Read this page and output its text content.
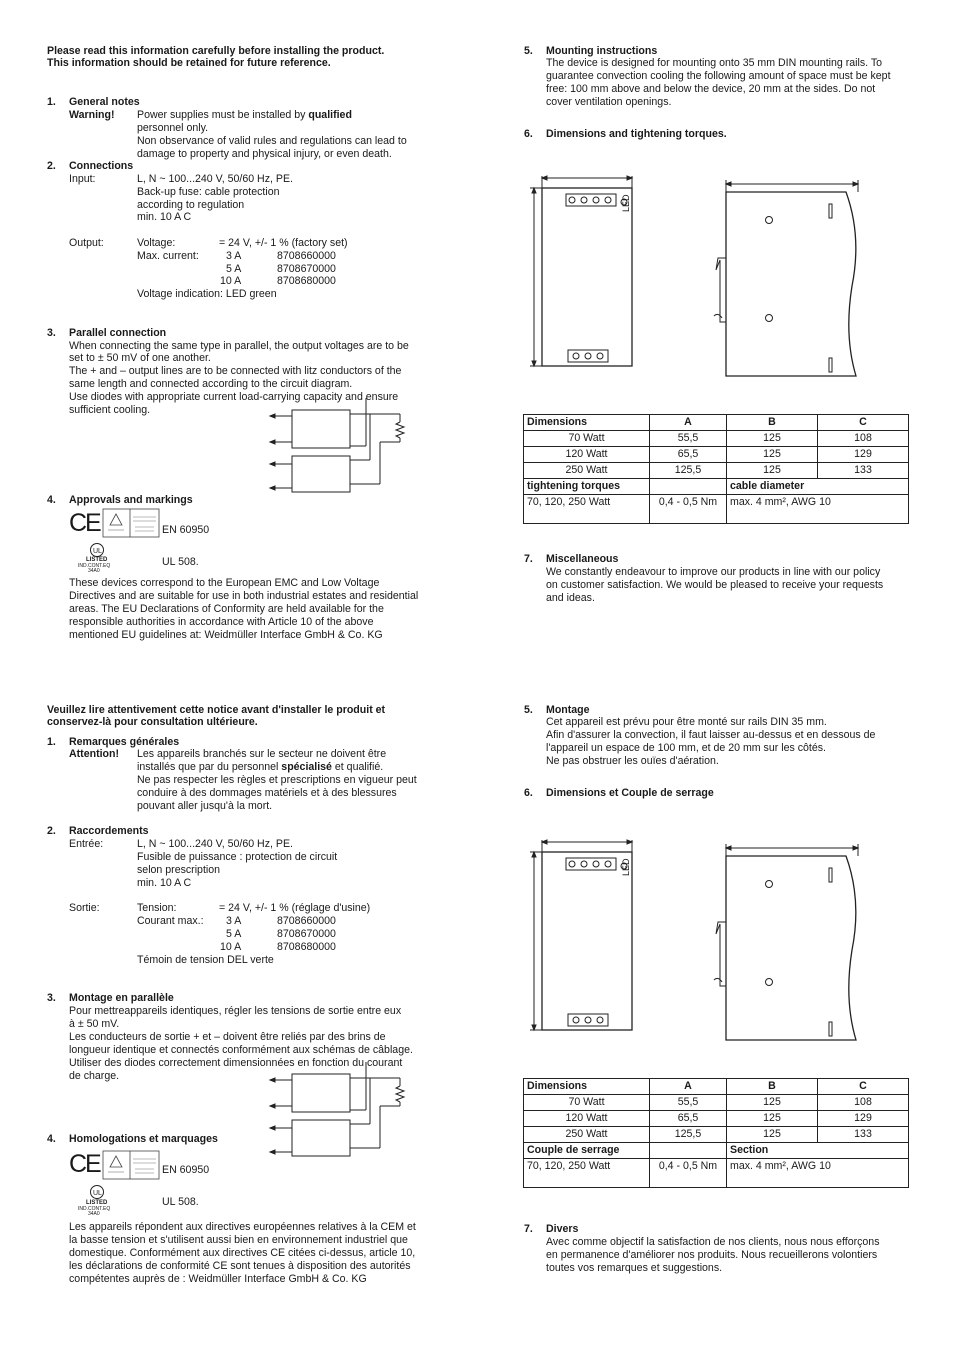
Please read this information carefully before installing the product.
This information should be retained for future reference.
1. General notes
Warning! Power supplies must be installed by qualified
personnel only.
Non observance of valid rules and regulations can lead to
damage to property and physical injury, or even death.
2. Connections
Input:	L, N ~ 100...240 V, 50/60 Hz, PE.
Back-up fuse: cable protection
according to regulation
min. 10 A C
Output:	Voltage:	= 24 V, +/- 1 % (factory set)
Max. current:	3 A	8708660000
5 A	8708670000
10 A	8708680000
Voltage indication: LED green
3. Parallel connection
When connecting the same type in parallel, the output voltages are to be
set to ± 50 mV of one another.
The + and – output lines are to be connected with litz conductors of the
same length and connected according to the circuit diagram.
Use diodes with appropriate current load-carrying capacity and ensure
sufficient cooling.
4. Approvals and markings
CE	EN 60950
UL
LISTED
IND.CONT.EQ
34A0
UL 508.
These devices correspond to the European EMC and Low Voltage
Directives and are suitable for use in both industrial estates and residential
areas. The EU Declarations of Conformity are held available for the
responsible authorities in accordance with Article 10 of the above
mentioned EU guidelines at: Weidmüller Interface GmbH & Co. KG
5. Mounting instructions
The device is designed for mounting onto 35 mm DIN mounting rails. To
guarantee convection cooling the following amount of space must be kept
free: 100 mm above and below the device, 20 mm at the sides. Do not
cover ventilation openings.
6. Dimensions and tightening torques.
LED
Dimensions	A	B	C
70 Watt	55,5	125	108
120 Watt	65,5	125	129
250 Watt	125,5	125	133
tightening torques		cable diameter	
70, 120, 250 Watt	0,4 - 0,5 Nm	max. 4 mm², AWG 10	
7. Miscellaneous
We constantly endeavour to improve our products in line with our policy
on customer satisfaction. We would be pleased to receive your requests
and ideas.
Veuillez lire attentivement cette notice avant d'installer le produit et
conservez-là pour consultation ultérieure.
1. Remarques générales
Attention! Les appareils branchés sur le secteur ne doivent être
installés que par du personnel spécialisé et qualifié.
Ne pas respecter les règles et prescriptions en vigueur peut
conduire à des dommages matériels et à des blessures
pouvant aller jusqu'à la mort.
2. Raccordements
Entrée:	L, N ~ 100...240 V, 50/60 Hz, PE.
Fusible de puissance : protection de circuit
selon prescription
min. 10 A C
Sortie:	Tension:	= 24 V, +/- 1 % (réglage d'usine)
Courant max.: 3 A	8708660000
5 A	8708670000
10 A	8708680000
Témoin de tension DEL verte
3. Montage en parallèle
Pour mettreappareils identiques, régler les tensions de sortie entre eux
à ± 50 mV.
Les conducteurs de sortie + et – doivent être reliés par des brins de
longueur identique et connectés conformément aux schémas de câblage.
Utiliser des diodes correctement dimensionnées en fonction du courant
de charge.
4. Homologations et marquages
CE	EN 60950
UL
LISTED
IND.CONT.EQ
34A0
UL 508.
Les appareils répondent aux directives européennes relatives à la CEM et
la basse tension et s'utilisent aussi bien en environnement industriel que
domestique. Conformément aux directives CE citées ci-dessus, article 10,
les déclarations de conformité CE sont tenues à disposition des autorités
compétentes auprès de : Weidmüller Interface GmbH & Co. KG
5. Montage
Cet appareil est prévu pour être monté sur rails DIN 35 mm.
Afin d'assurer la convection, il faut laisser au-dessus et en dessous de
l'appareil un espace de 100 mm, et de 20 mm sur les côtés.
Ne pas obstruer les ouïes d'aération.
6. Dimensions et Couple de serrage
LED
Dimensions	A	B	C
70 Watt	55,5	125	108
120 Watt	65,5	125	129
250 Watt	125,5	125	133
Couple de serrage		Section	
70, 120, 250 Watt	0,4 - 0,5 Nm	max. 4 mm², AWG 10	
7. Divers
Avec comme objectif la satisfaction de nos clients, nous nous efforçons
en permanence d'améliorer nos produits. Nous recueillerons volontiers
toutes vos remarques et suggestions.
